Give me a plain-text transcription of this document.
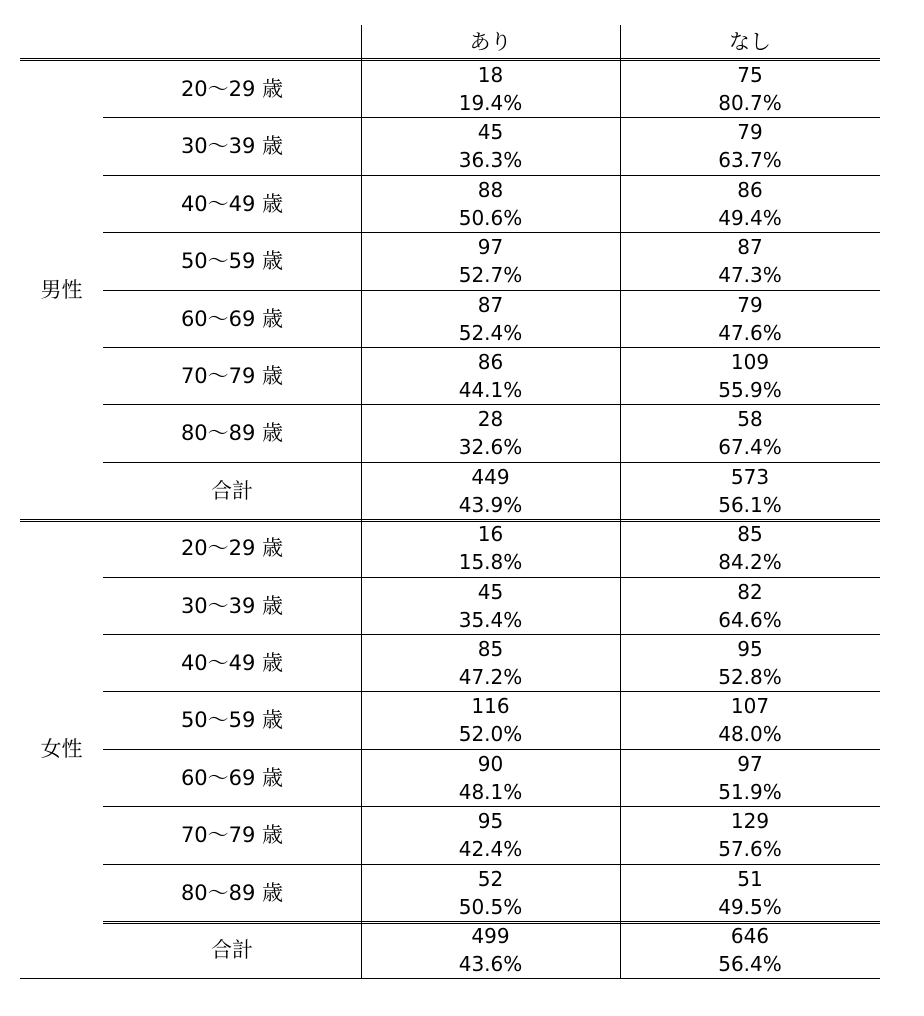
あり	なし
男性
20～29 歳
18
19.4%
75
80.7%
30～39 歳
45
36.3%
79
63.7%
40～49 歳
88
50.6%
86
49.4%
50～59 歳
97
52.7%
87
47.3%
60～69 歳
87
52.4%
79
47.6%
70～79 歳
86
44.1%
109
55.9%
80～89 歳
28
32.6%
58
67.4%
合計
449
43.9%
573
56.1%
女性
20～29 歳
16
15.8%
85
84.2%
30～39 歳
45
35.4%
82
64.6%
40～49 歳
85
47.2%
95
52.8%
50～59 歳
116
52.0%
107
48.0%
60～69 歳
90
48.1%
97
51.9%
70～79 歳
95
42.4%
129
57.6%
80～89 歳
52
50.5%
51
49.5%
合計
499
43.6%
646
56.4%
